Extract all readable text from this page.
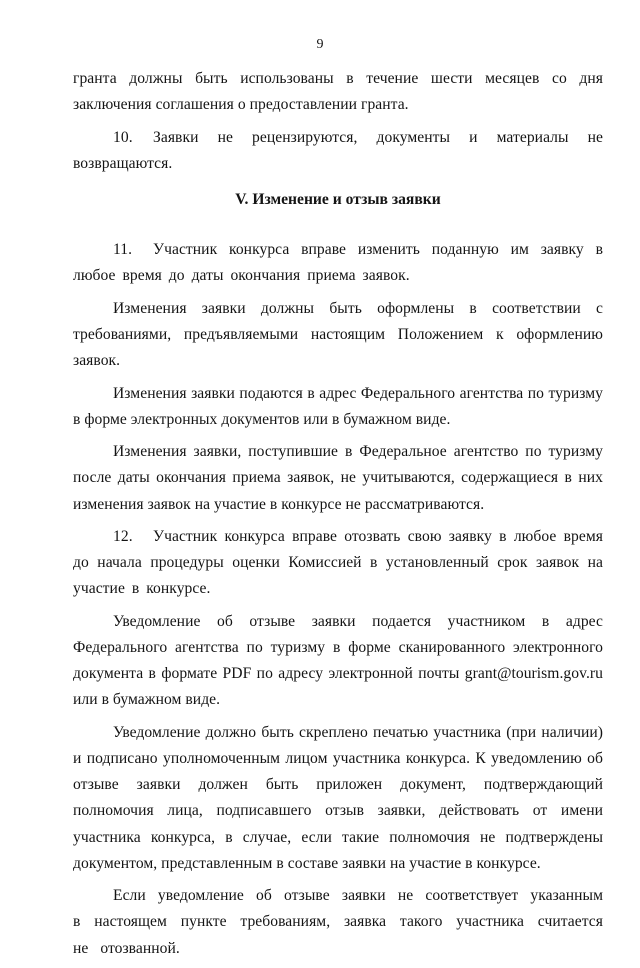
9

гранта должны быть использованы в течение шести месяцев со дня заключения соглашения о предоставлении гранта.

10. Заявки не рецензируются, документы и материалы не возвращаются.

V. Изменение и отзыв заявки

11. Участник конкурса вправе изменить поданную им заявку в любое время до даты окончания приема заявок.

Изменения заявки должны быть оформлены в соответствии с требованиями, предъявляемыми настоящим Положением к оформлению заявок.

Изменения заявки подаются в адрес Федерального агентства по туризму в форме электронных документов или в бумажном виде.

Изменения заявки, поступившие в Федеральное агентство по туризму после даты окончания приема заявок, не учитываются, содержащиеся в них изменения заявок на участие в конкурсе не рассматриваются.

12. Участник конкурса вправе отозвать свою заявку в любое время до начала процедуры оценки Комиссией в установленный срок заявок на участие в конкурсе.

Уведомление об отзыве заявки подается участником в адрес Федерального агентства по туризму в форме сканированного электронного документа в формате PDF по адресу электронной почты grant@tourism.gov.ru или в бумажном виде.

Уведомление должно быть скреплено печатью участника (при наличии) и подписано уполномоченным лицом участника конкурса. К уведомлению об отзыве заявки должен быть приложен документ, подтверждающий полномочия лица, подписавшего отзыв заявки, действовать от имени участника конкурса, в случае, если такие полномочия не подтверждены документом, представленным в составе заявки на участие в конкурсе.

Если уведомление об отзыве заявки не соответствует указанным в настоящем пункте требованиям, заявка такого участника считается не отозванной.
